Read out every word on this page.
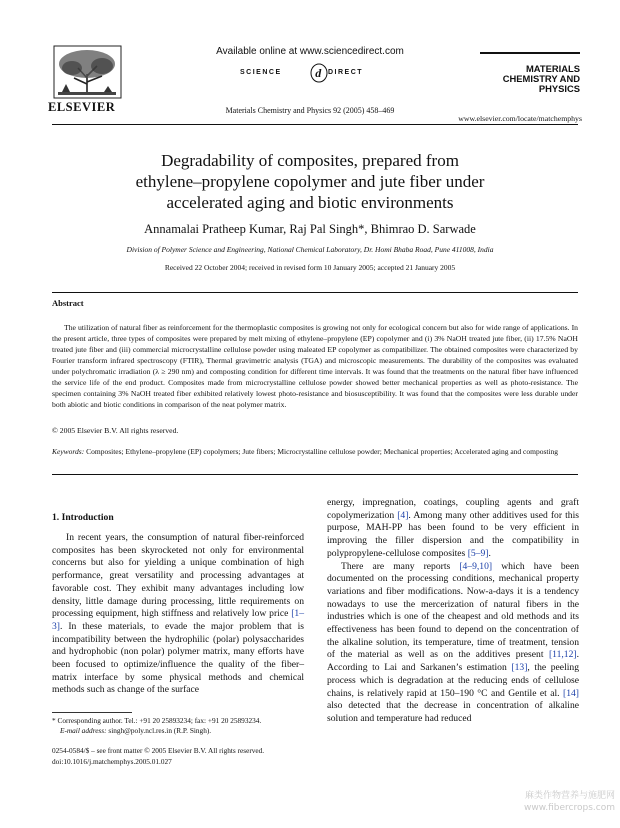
ELSEVIER
Available online at www.sciencedirect.com
SCIENCE	d DIRECT
Materials Chemistry and Physics 92 (2005) 458–469
MATERIALS
CHEMISTRY AND
PHYSICS
www.elsevier.com/locate/matchemphys
Degradability of composites, prepared from
ethylene–propylene copolymer and jute fiber under
accelerated aging and biotic environments
Annamalai Pratheep Kumar, Raj Pal Singh*, Bhimrao D. Sarwade
Division of Polymer Science and Engineering, National Chemical Laboratory, Dr. Homi Bhaba Road, Pune 411008, India
Received 22 October 2004; received in revised form 10 January 2005; accepted 21 January 2005
Abstract
The utilization of natural fiber as reinforcement for the thermoplastic composites is growing not only for ecological concern but also for wide range of applications. In the present article, three types of composites were prepared by melt mixing of ethylene–propylene (EP) copolymer and (i) 3% NaOH treated jute fiber, (ii) 17.5% NaOH treated jute fiber and (iii) commercial microcrystalline cellulose powder using maleated EP copolymer as compatibilizer. The obtained composites were characterized by Fourier transform infrared spectroscopy (FTIR), Thermal gravimetric analysis (TGA) and microscopic measurements. The durability of the composites was evaluated under polychromatic irradiation (λ ≥ 290 nm) and composting condition for different time intervals. It was found that the treatments on the natural fiber have influenced the service life of the end product. Composites made from microcrystalline cellulose powder showed better mechanical properties as well as photo-resistance. The specimen containing 3% NaOH treated fiber exhibited relatively lowest photo-resistance and biosusceptibility. It was found that the composites were less durable under both abiotic and biotic conditions in comparison of the neat polymer matrix.
© 2005 Elsevier B.V. All rights reserved.
Keywords: Composites; Ethylene–propylene (EP) copolymers; Jute fibers; Microcrystalline cellulose powder; Mechanical properties; Accelerated aging and composting
1. Introduction

In recent years, the consumption of natural fiber-reinforced composites has been skyrocketed not only for environmental concerns but also for yielding a unique combination of high performance, great versatility and processing advantages at favorable cost. They exhibit many advantages including low density, little damage during processing, little requirements on processing equipment, high stiffness and relatively low price [1–3]. In these materials, to evade the major problem that is incompatibility between the hydrophilic (polar) polysaccharides and hydrophobic (non polar) polymer matrix, many efforts have been focused to optimize/influence the quality of the fiber–matrix interface by some physical methods and chemical methods such as change of the surface

energy, impregnation, coatings, coupling agents and graft copolymerization [4]. Among many other additives used for this purpose, MAH-PP has been found to be very efficient in improving the filler dispersion and the compatibility in polypropylene-cellulose composites [5–9].

There are many reports [4–9,10] which have been documented on the processing conditions, mechanical property variations and fiber modifications. Now-a-days it is a tendency nowadays to use the mercerization of natural fibers in the industries which is one of the cheapest and old methods and its effectiveness has been found to depend on the concentration of the alkaline solution, its temperature, time of treatment, tension of the material as well as on the additives present [11,12]. According to Lai and Sarkanen’s estimation [13], the peeling process which is degradation at the reducing ends of cellulose chains, is relatively rapid at 150–190 °C and Gentile et al. [14] also detected that the decrease in concentration of alkaline solution and temperature had reduced

* Corresponding author. Tel.: +91 20 25893234; fax: +91 20 25893234.
E-mail address: singh@poly.ncl.res.in (R.P. Singh).
0254-0584/$ – see front matter © 2005 Elsevier B.V. All rights reserved.
doi:10.1016/j.matchemphys.2005.01.027
麻类作物营养与施肥网
www.fibercrops.com
